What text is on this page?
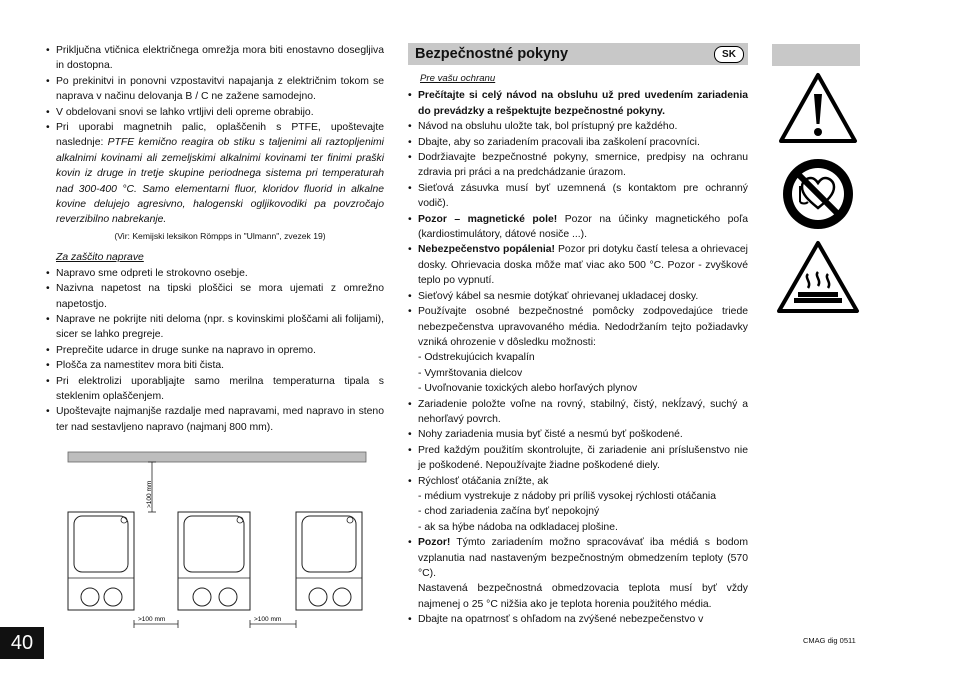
• Priključna vtičnica električnega omrežja mora biti enostavno dosegljiva in dostopna.
• Po prekinitvi in ponovni vzpostavitvi napajanja z električnim tokom se naprava v načinu delovanja B / C ne zažene samodejno.
• V obdelovani snovi se lahko vrtljivi deli opreme obrabijo.
• Pri uporabi magnetnih palic, oplaščenih s PTFE, upoštevajte naslednje: PTFE kemično reagira ob stiku s taljenimi ali raztopljenimi alkalnimi kovinami ali zemeljskimi alkalnimi kovinami ter finimi praški kovin iz druge in tretje skupine periodnega sistema pri temperaturah nad 300-400 °C. Samo elementarni fluor, kloridov fluorid in alkalne kovine delujejo agresivno, halogenski ogljikovodiki pa povzročajo reverzibilno nabrekanje.
(Vir: Kemijski leksikon Römpps in "Ulmann", zvezek 19)
Za zaščito naprave
• Napravo sme odpreti le strokovno osebje.
• Nazivna napetost na tipski ploščici se mora ujemati z omrežno napetostjo.
• Naprave ne pokrijte niti deloma (npr. s kovinskimi ploščami ali folijami), sicer se lahko pregreje.
• Preprečite udarce in druge sunke na napravo in opremo.
• Plošča za namestitev mora biti čista.
• Pri elektrolizi uporabljajte samo merilna temperaturna tipala s steklenim oplaščenjem.
• Upoštevajte najmanjše razdalje med napravami, med napravo in steno ter nad sestavljeno napravo (najmanj 800 mm).
>100 mm
>100 mm	>100 mm
Bezpečnostné pokyny	SK
Pre vašu ochranu
• Prečítajte si celý návod na obsluhu už pred uvedením zariadenia do prevádzky a rešpektujte bezpečnostné pokyny.
• Návod na obsluhu uložte tak, bol prístupný pre každého.
• Dbajte, aby so zariadením pracovali iba zaškolení pracovníci.
• Dodržiavajte bezpečnostné pokyny, smernice, predpisy na ochranu zdravia pri práci a na predchádzanie úrazom.
• Sieťová zásuvka musí byť uzemnená (s kontaktom pre ochranný vodič).
• Pozor – magnetické pole! Pozor na účinky magnetického poľa (kardiostimulátory, dátové nosiče ...).
• Nebezpečenstvo popálenia! Pozor pri dotyku častí telesa a ohrievacej dosky. Ohrievacia doska môže mať viac ako 500 °C. Pozor - zvyškové teplo po vypnutí.
• Sieťový kábel sa nesmie dotýkať ohrievanej ukladacej dosky.
• Používajte osobné bezpečnostné pomôcky zodpovedajúce triede nebezpečenstva upravovaného média. Nedodržaním tejto požiadavky vzniká ohrozenie v dôsledku možnosti:
- Odstrekujúcich kvapalín
- Vymrštovania dielcov
- Uvoľnovanie toxických alebo horľavých plynov
• Zariadenie položte voľne na rovný, stabilný, čistý, nekĺzavý, suchý a nehorľavý povrch.
• Nohy zariadenia musia byť čisté a nesmú byť poškodené.
• Pred každým použitím skontrolujte, či zariadenie ani príslušenstvo nie je poškodené. Nepoužívajte žiadne poškodené diely.
• Rýchlosť otáčania znížte, ak
- médium vystrekuje z nádoby pri príliš vysokej rýchlosti otáčania
- chod zariadenia začína byť nepokojný
- ak sa hýbe nádoba na odkladacej plošine.
• Pozor! Týmto zariadením možno spracovávať iba médiá s bodom vzplanutia nad nastaveným bezpečnostným obmedzením teploty (570 °C).
Nastavená bezpečnostná obmedzovacia teplota musí byť vždy najmenej o 25 °C nižšia ako je teplota horenia použitého média.
• Dbajte na opatrnosť s ohľadom na zvýšené nebezpečenstvo v
40	CMAG dig 0511
